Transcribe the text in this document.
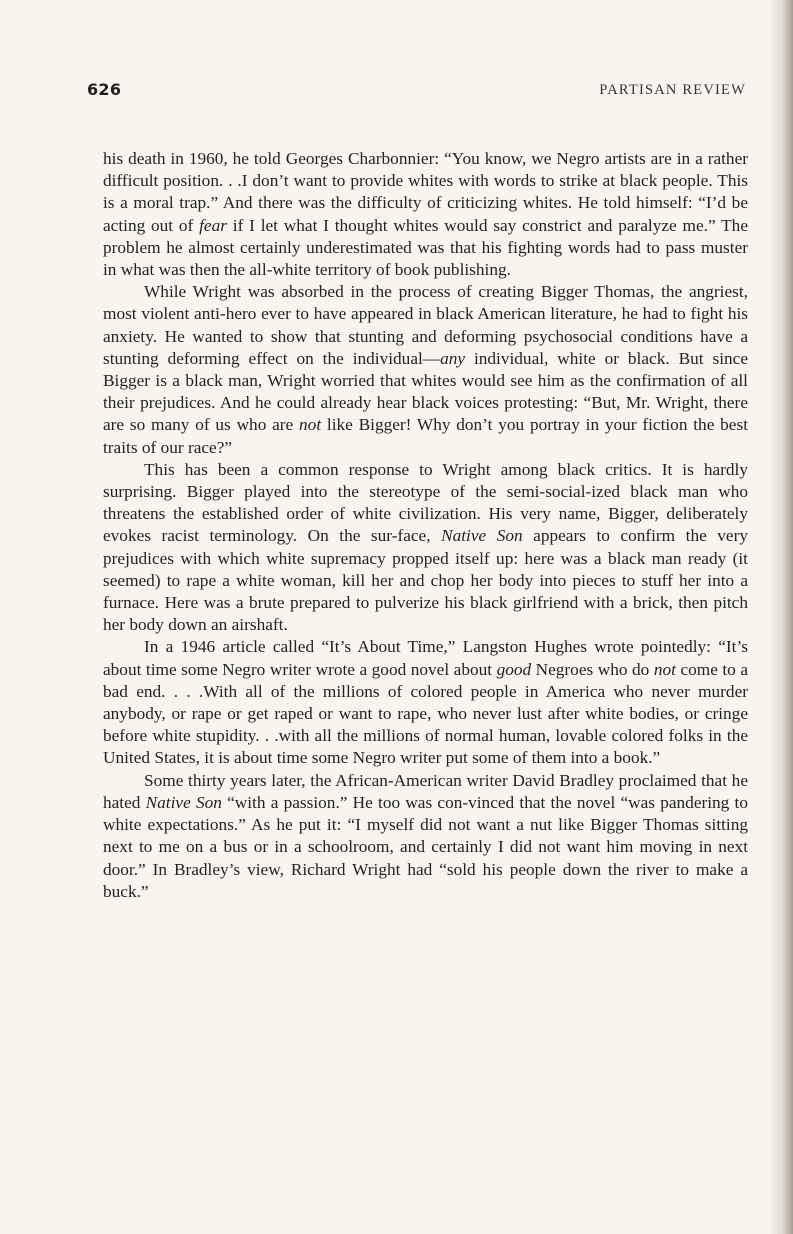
626	PARTISAN REVIEW

his death in 1960, he told Georges Charbonnier: “You know, we Negro artists are in a rather difficult position. . .I don’t want to provide whites with words to strike at black people. This is a moral trap.” And there was the difficulty of criticizing whites. He told himself: “I’d be acting out of fear if I let what I thought whites would say constrict and paralyze me.” The problem he almost certainly underestimated was that his fighting words had to pass muster in what was then the all-white territory of book publishing.

While Wright was absorbed in the process of creating Bigger Thomas, the angriest, most violent anti-hero ever to have appeared in black American literature, he had to fight his anxiety. He wanted to show that stunting and deforming psychosocial conditions have a stunting deforming effect on the individual—any individual, white or black. But since Bigger is a black man, Wright worried that whites would see him as the confirmation of all their prejudices. And he could already hear black voices protesting: “But, Mr. Wright, there are so many of us who are not like Bigger! Why don’t you portray in your fiction the best traits of our race?”

This has been a common response to Wright among black critics. It is hardly surprising. Bigger played into the stereotype of the semi-social-ized black man who threatens the established order of white civilization. His very name, Bigger, deliberately evokes racist terminology. On the sur-face, Native Son appears to confirm the very prejudices with which white supremacy propped itself up: here was a black man ready (it seemed) to rape a white woman, kill her and chop her body into pieces to stuff her into a furnace. Here was a brute prepared to pulverize his black girlfriend with a brick, then pitch her body down an airshaft.

In a 1946 article called “It’s About Time,” Langston Hughes wrote pointedly: “It’s about time some Negro writer wrote a good novel about good Negroes who do not come to a bad end. . . .With all of the millions of colored people in America who never murder anybody, or rape or get raped or want to rape, who never lust after white bodies, or cringe before white stupidity. . .with all the millions of normal human, lovable colored folks in the United States, it is about time some Negro writer put some of them into a book.”

Some thirty years later, the African-American writer David Bradley proclaimed that he hated Native Son “with a passion.” He too was con-vinced that the novel “was pandering to white expectations.” As he put it: “I myself did not want a nut like Bigger Thomas sitting next to me on a bus or in a schoolroom, and certainly I did not want him moving in next door.” In Bradley’s view, Richard Wright had “sold his people down the river to make a buck.”
